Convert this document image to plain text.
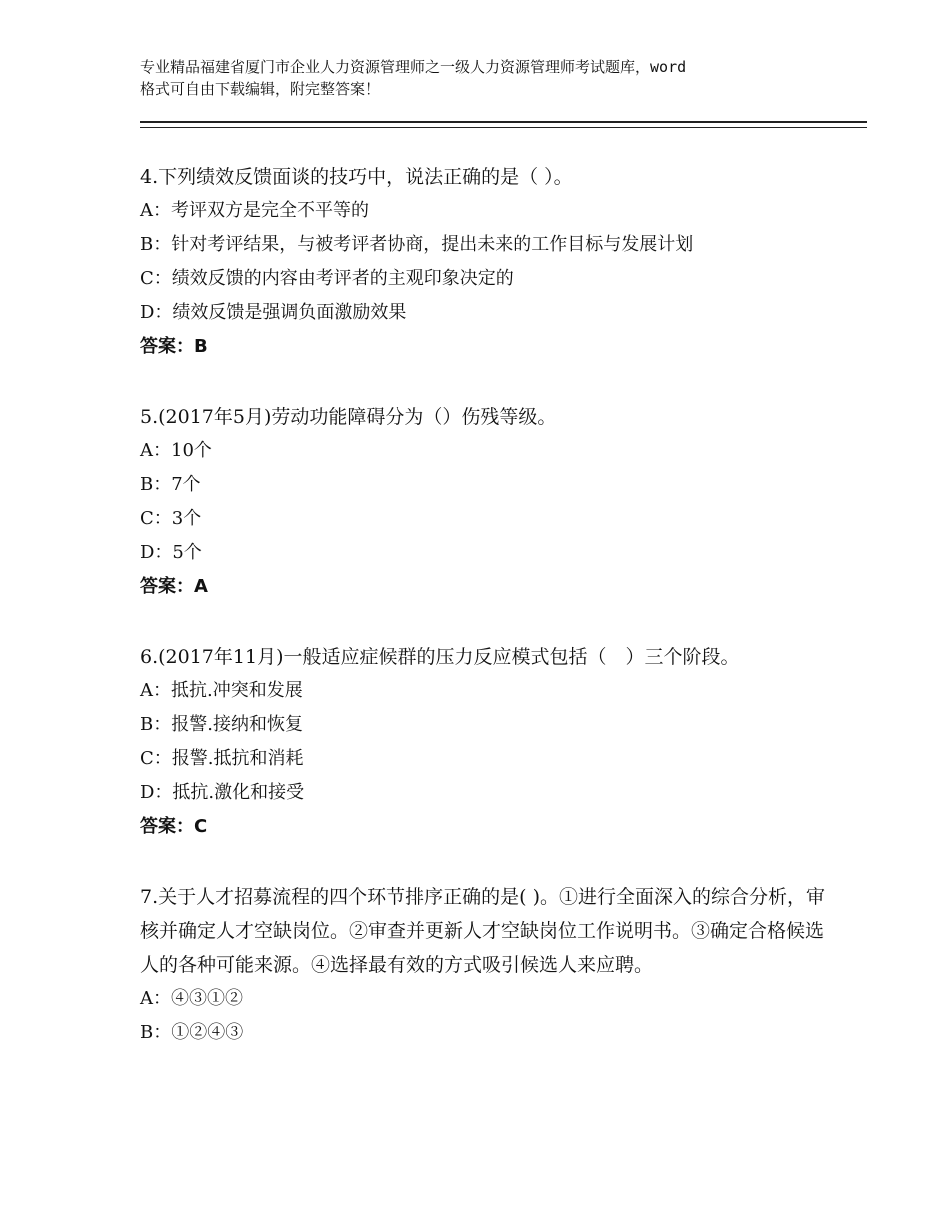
专业精品福建省厦门市企业人力资源管理师之一级人力资源管理师考试题库，word
格式可自由下载编辑，附完整答案！

4.下列绩效反馈面谈的技巧中，说法正确的是（ ）。

A：考评双方是完全不平等的

B：针对考评结果，与被考评者协商，提出未来的工作目标与发展计划

C：绩效反馈的内容由考评者的主观印象决定的

D：绩效反馈是强调负面激励效果

答案：B

5.(2017年5月)劳动功能障碍分为（）伤残等级。

A：10个

B：7个

C：3个

D：5个

答案：A

6.(2017年11月)一般适应症候群的压力反应模式包括（　）三个阶段。

A：抵抗.冲突和发展

B：报警.接纳和恢复

C：报警.抵抗和消耗

D：抵抗.激化和接受

答案：C

7.关于人才招募流程的四个环节排序正确的是( )。①进行全面深入的综合分析，审核并确定人才空缺岗位。②审查并更新人才空缺岗位工作说明书。③确定合格候选人的各种可能来源。④选择最有效的方式吸引候选人来应聘。

A：④③①②

B：①②④③
